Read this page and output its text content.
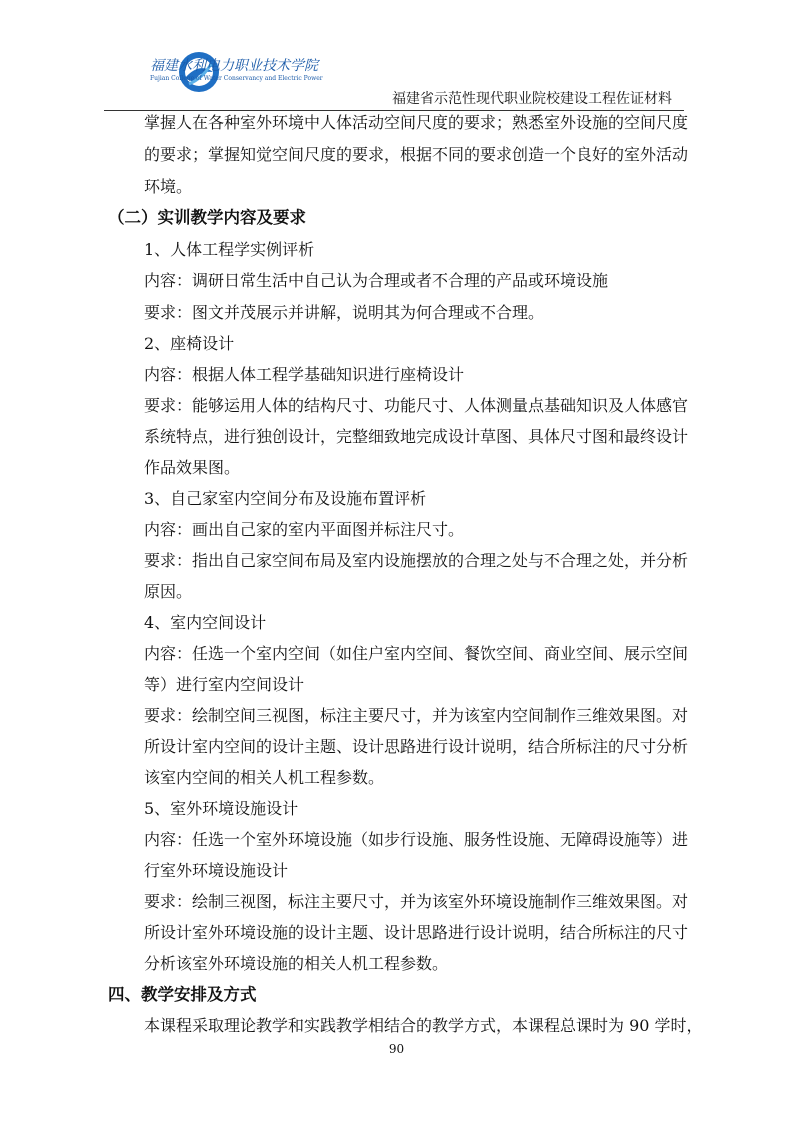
福建水利电力职业技术学院
Fujian College of Water Conservancy and Electric Power
福建省示范性现代职业院校建设工程佐证材料
掌握人在各种室外环境中人体活动空间尺度的要求；熟悉室外设施的空间尺度
的要求；掌握知觉空间尺度的要求，根据不同的要求创造一个良好的室外活动
环境。
（二）实训教学内容及要求
1、人体工程学实例评析
内容：调研日常生活中自己认为合理或者不合理的产品或环境设施
要求：图文并茂展示并讲解，说明其为何合理或不合理。
2、座椅设计
内容：根据人体工程学基础知识进行座椅设计
要求：能够运用人体的结构尺寸、功能尺寸、人体测量点基础知识及人体感官
系统特点，进行独创设计，完整细致地完成设计草图、具体尺寸图和最终设计
作品效果图。
3、自己家室内空间分布及设施布置评析
内容：画出自己家的室内平面图并标注尺寸。
要求：指出自己家空间布局及室内设施摆放的合理之处与不合理之处，并分析
原因。
4、室内空间设计
内容：任选一个室内空间（如住户室内空间、餐饮空间、商业空间、展示空间
等）进行室内空间设计
要求：绘制空间三视图，标注主要尺寸，并为该室内空间制作三维效果图。对
所设计室内空间的设计主题、设计思路进行设计说明，结合所标注的尺寸分析
该室内空间的相关人机工程参数。
5、室外环境设施设计
内容：任选一个室外环境设施（如步行设施、服务性设施、无障碍设施等）进
行室外环境设施设计
要求：绘制三视图，标注主要尺寸，并为该室外环境设施制作三维效果图。对
所设计室外环境设施的设计主题、设计思路进行设计说明，结合所标注的尺寸
分析该室外环境设施的相关人机工程参数。
四、教学安排及方式
本课程采取理论教学和实践教学相结合的教学方式，本课程总课时为 90 学时，
90
